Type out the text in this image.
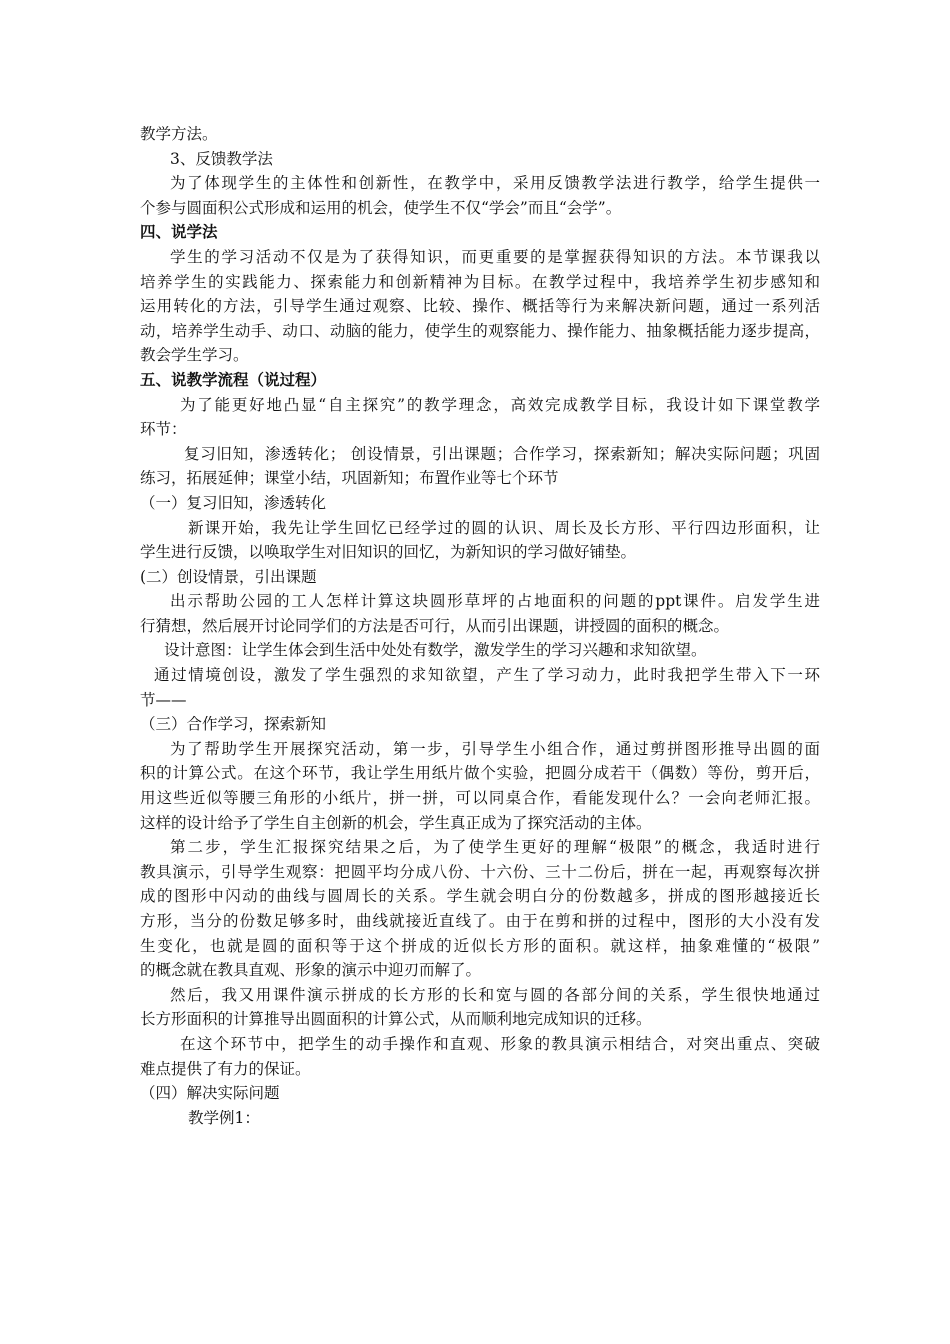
教学方法。
3、反馈教学法
为了体现学生的主体性和创新性，在教学中，采用反馈教学法进行教学，给学生提供一
个参与圆面积公式形成和运用的机会，使学生不仅“学会”而且“会学”。
四、说学法
学生的学习活动不仅是为了获得知识，而更重要的是掌握获得知识的方法。本节课我以
培养学生的实践能力、探索能力和创新精神为目标。在教学过程中，我培养学生初步感知和
运用转化的方法，引导学生通过观察、比较、操作、概括等行为来解决新问题，通过一系列活
动，培养学生动手、动口、动脑的能力，使学生的观察能力、操作能力、抽象概括能力逐步提高，
教会学生学习。
五、说教学流程（说过程）
为了能更好地凸显“自主探究”的教学理念，高效完成教学目标，我设计如下课堂教学
环节：
复习旧知，渗透转化； 创设情景，引出课题；合作学习，探索新知；解决实际问题；巩固
练习，拓展延伸；课堂小结，巩固新知；布置作业等七个环节
（一）复习旧知，渗透转化
新课开始，我先让学生回忆已经学过的圆的认识、周长及长方形、平行四边形面积，让
学生进行反馈，以唤取学生对旧知识的回忆，为新知识的学习做好铺垫。
(二）创设情景，引出课题
出示帮助公园的工人怎样计算这块圆形草坪的占地面积的问题的ppt课件。启发学生进
行猜想，然后展开讨论同学们的方法是否可行，从而引出课题，讲授圆的面积的概念。
设计意图：让学生体会到生活中处处有数学，激发学生的学习兴趣和求知欲望。
通过情境创设，激发了学生强烈的求知欲望，产生了学习动力，此时我把学生带入下一环
节——
（三）合作学习，探索新知
为了帮助学生开展探究活动，第一步，引导学生小组合作，通过剪拼图形推导出圆的面
积的计算公式。在这个环节，我让学生用纸片做个实验，把圆分成若干（偶数）等份，剪开后，
用这些近似等腰三角形的小纸片，拼一拼，可以同桌合作，看能发现什么？一会向老师汇报。
这样的设计给予了学生自主创新的机会，学生真正成为了探究活动的主体。
第二步，学生汇报探究结果之后，为了使学生更好的理解“极限”的概念，我适时进行
教具演示，引导学生观察：把圆平均分成八份、十六份、三十二份后，拼在一起，再观察每次拼
成的图形中闪动的曲线与圆周长的关系。学生就会明白分的份数越多，拼成的图形越接近长
方形，当分的份数足够多时，曲线就接近直线了。由于在剪和拼的过程中，图形的大小没有发
生变化，也就是圆的面积等于这个拼成的近似长方形的面积。就这样，抽象难懂的“极限”
的概念就在教具直观、形象的演示中迎刃而解了。
然后，我又用课件演示拼成的长方形的长和宽与圆的各部分间的关系，学生很快地通过
长方形面积的计算推导出圆面积的计算公式，从而顺利地完成知识的迁移。
在这个环节中，把学生的动手操作和直观、形象的教具演示相结合，对突出重点、突破
难点提供了有力的保证。
（四）解决实际问题
教学例1：
